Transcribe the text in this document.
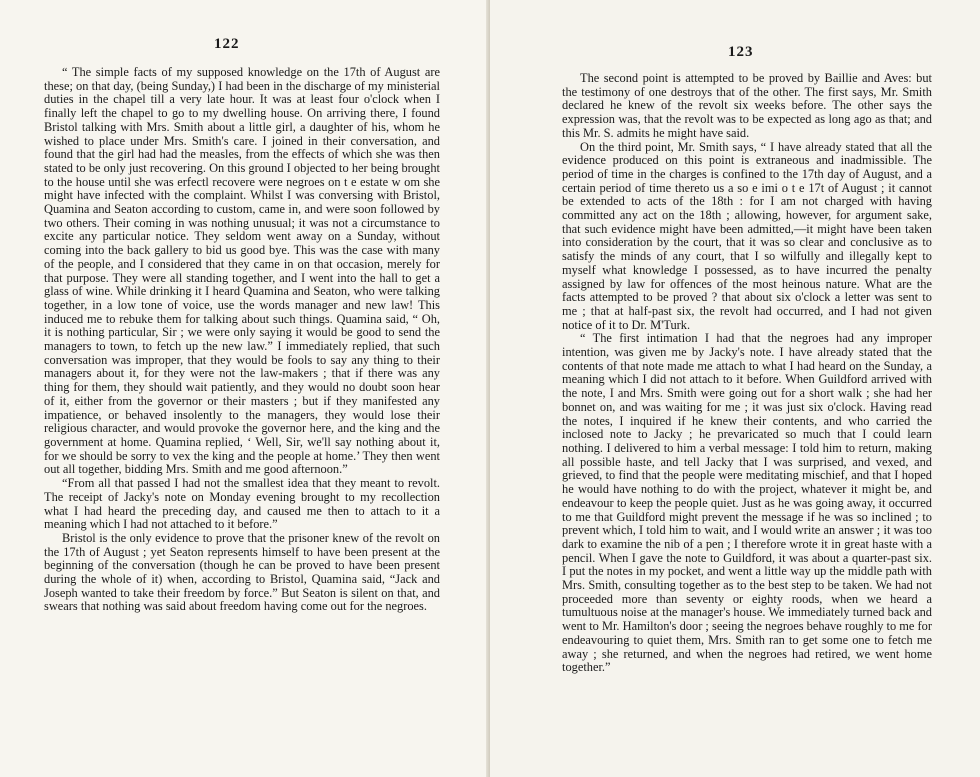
122

“ The simple facts of my supposed knowledge on the 17th of August are these; on that day, (being Sunday,) I had been in the discharge of my ministerial duties in the chapel till a very late hour. It was at least four o'clock when I finally left the chapel to go to my dwelling house. On arriving there, I found Bristol talking with Mrs. Smith about a little girl, a daughter of his, whom he wished to place under Mrs. Smith's care. I joined in their conversation, and found that the girl had had the measles, from the effects of which she was then stated to be only just recovering. On this ground I objected to her being brought to the house until she was erfectl recovere were negroes on t e estate w om she might have infected with the complaint. Whilst I was conversing with Bristol, Quamina and Seaton according to custom, came in, and were soon followed by two others. Their coming in was nothing unusual; it was not a circumstance to excite any particular notice. They seldom went away on a Sunday, without coming into the back gallery to bid us good bye. This was the case with many of the people, and I considered that they came in on that occasion, merely for that purpose. They were all standing together, and I went into the hall to get a glass of wine. While drinking it I heard Quamina and Seaton, who were talking together, in a low tone of voice, use the words manager and new law! This induced me to rebuke them for talking about such things. Quamina said, “ Oh, it is nothing particular, Sir ; we were only saying it would be good to send the managers to town, to fetch up the new law.” I immediately replied, that such conversation was improper, that they would be fools to say any thing to their managers about it, for they were not the law-makers ; that if there was any thing for them, they should wait patiently, and they would no doubt soon hear of it, either from the governor or their masters ; but if they manifested any impatience, or behaved insolently to the managers, they would lose their religious character, and would provoke the governor here, and the king and the government at home. Quamina replied, ‘ Well, Sir, we'll say nothing about it, for we should be sorry to vex the king and the people at home.’ They then went out all together, bidding Mrs. Smith and me good afternoon.”

“From all that passed I had not the smallest idea that they meant to revolt. The receipt of Jacky's note on Monday evening brought to my recollection what I had heard the preceding day, and caused me then to attach to it a meaning which I had not attached to it before.”

Bristol is the only evidence to prove that the prisoner knew of the revolt on the 17th of August ; yet Seaton represents himself to have been present at the beginning of the conversation (though he can be proved to have been present during the whole of it) when, according to Bristol, Quamina said, “Jack and Joseph wanted to take their freedom by force.” But Seaton is silent on that, and swears that nothing was said about freedom having come out for the negroes.

123

The second point is attempted to be proved by Baillie and Aves: but the testimony of one destroys that of the other. The first says, Mr. Smith declared he knew of the revolt six weeks before. The other says the expression was, that the revolt was to be expected as long ago as that; and this Mr. S. admits he might have said.

On the third point, Mr. Smith says, “ I have already stated that all the evidence produced on this point is extraneous and inadmissible. The period of time in the charges is confined to the 17th day of August, and a certain period of time thereto us a so e imi o t e 17t of August ; it cannot be extended to acts of the 18th : for I am not charged with having committed any act on the 18th ; allowing, however, for argument sake, that such evidence might have been admitted,—it might have been taken into consideration by the court, that it was so clear and conclusive as to satisfy the minds of any court, that I so wilfully and illegally kept to myself what knowledge I possessed, as to have incurred the penalty assigned by law for offences of the most heinous nature. What are the facts attempted to be proved ? that about six o'clock a letter was sent to me ; that at half-past six, the revolt had occurred, and I had not given notice of it to Dr. M'Turk.

“ The first intimation I had that the negroes had any improper intention, was given me by Jacky's note. I have already stated that the contents of that note made me attach to what I had heard on the Sunday, a meaning which I did not attach to it before. When Guildford arrived with the note, I and Mrs. Smith were going out for a short walk ; she had her bonnet on, and was waiting for me ; it was just six o'clock. Having read the notes, I inquired if he knew their contents, and who carried the inclosed note to Jacky ; he prevaricated so much that I could learn nothing. I delivered to him a verbal message: I told him to return, making all possible haste, and tell Jacky that I was surprised, and vexed, and grieved, to find that the people were meditating mischief, and that I hoped he would have nothing to do with the project, whatever it might be, and endeavour to keep the people quiet. Just as he was going away, it occurred to me that Guildford might prevent the message if he was so inclined ; to prevent which, I told him to wait, and I would write an answer ; it was too dark to examine the nib of a pen ; I therefore wrote it in great haste with a pencil. When I gave the note to Guildford, it was about a quarter-past six. I put the notes in my pocket, and went a little way up the middle path with Mrs. Smith, consulting together as to the best step to be taken. We had not proceeded more than seventy or eighty roods, when we heard a tumultuous noise at the manager's house. We immediately turned back and went to Mr. Hamilton's door ; seeing the negroes behave roughly to me for endeavouring to quiet them, Mrs. Smith ran to get some one to fetch me away ; she returned, and when the negroes had retired, we went home together.”
